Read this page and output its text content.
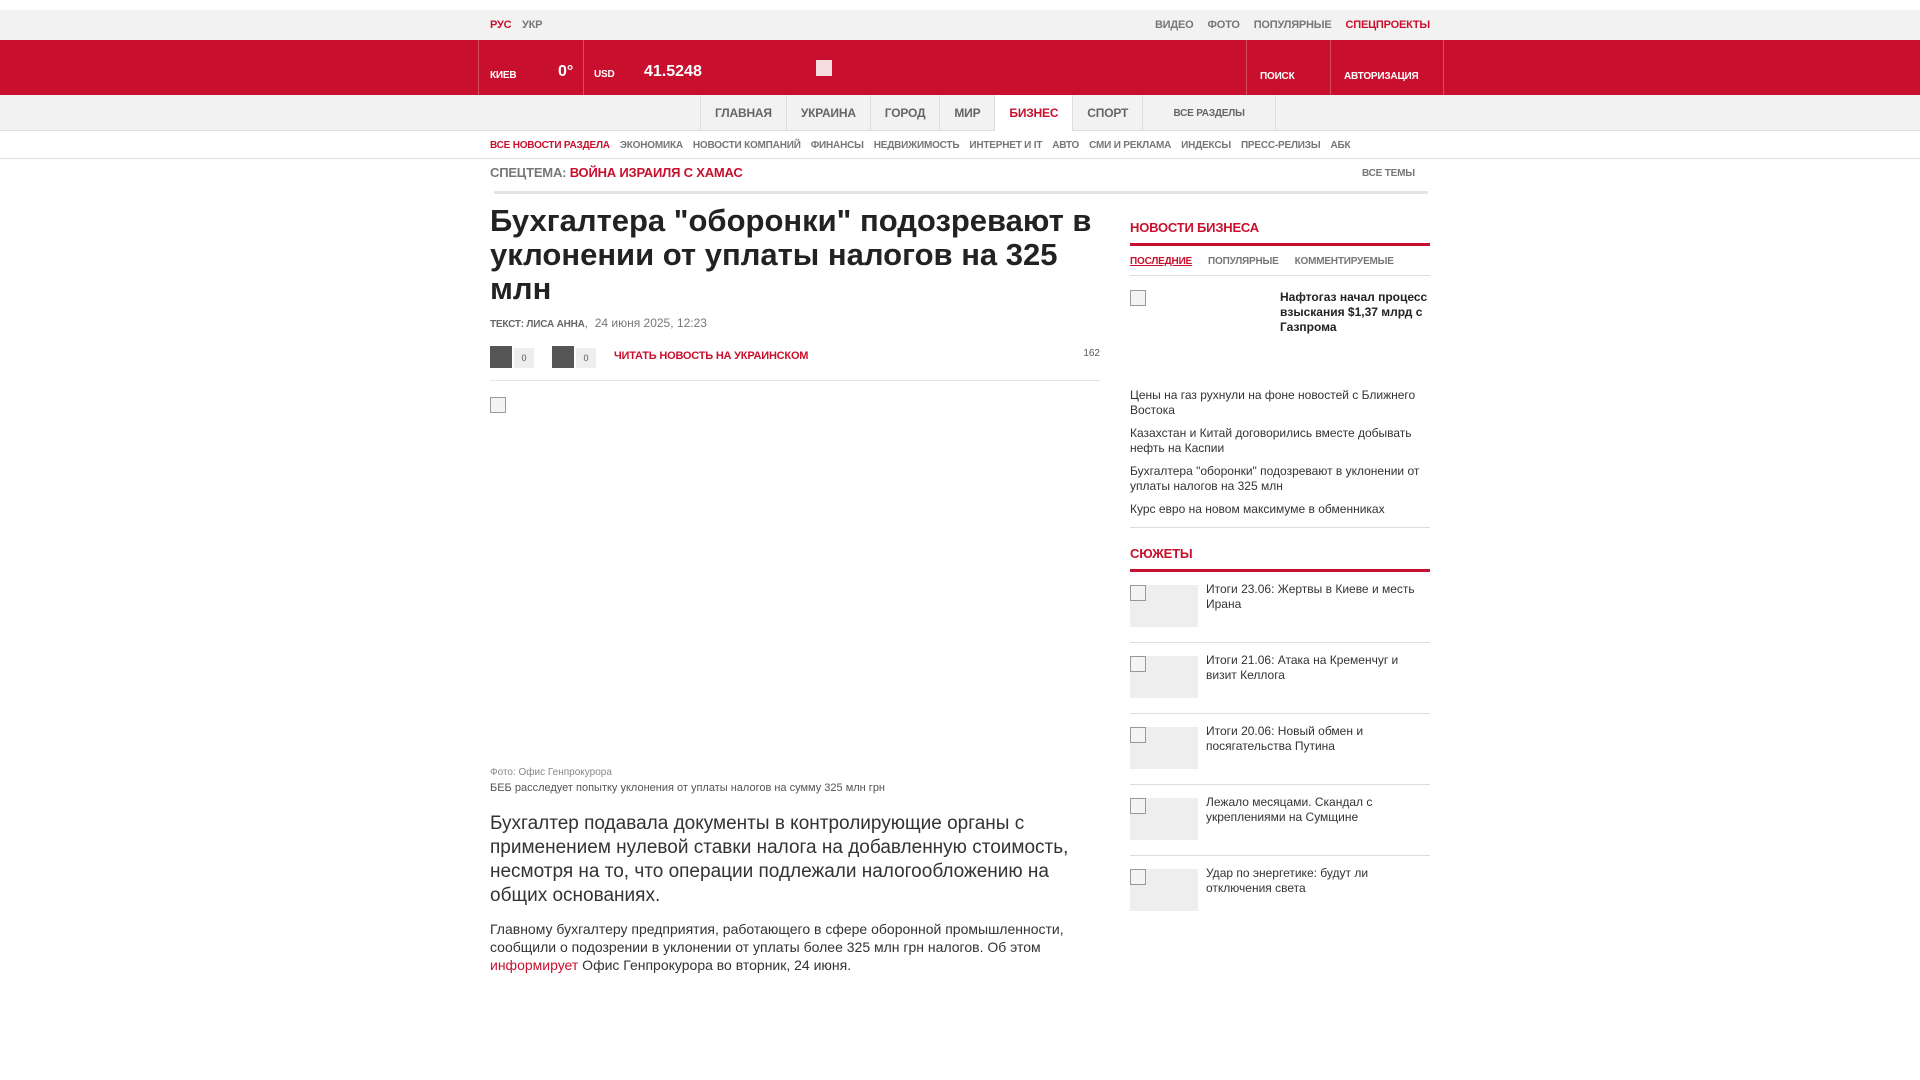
РУС УКР	ВИДЕО ФОТО ПОПУЛЯРНЫЕ СПЕЦПРОЕКТЫ
КИЕВ	0° USD 41.5248	ПОИСК	АВТОРИЗАЦИЯ
ГЛАВНАЯ	УКРАИНА	ГОРОД	МИР	БИЗНЕС	СПОРТ	ВСЕ РАЗДЕЛЫ
ВСЕ НОВОСТИ РАЗДЕЛА ЭКОНОМИКА НОВОСТИ КОМПАНИЙ ФИНАНСЫ НЕДВИЖИМОСТЬ ИНТЕРНЕТ И IT АВТО СМИ И РЕКЛАМА ИНДЕКСЫ ПРЕСС-РЕЛИЗЫ АБК
СПЕЦТЕМА: ВОЙНА ИЗРАИЛЯ С ХАМАС	ВСЕ ТЕМЫ
Бухгалтера "оборонки" подозревают в уклонении от уплаты налогов на 325 млн
ТЕКСТ: ЛИСА АННА, 24 июня 2025, 12:23
0	0	ЧИТАТЬ НОВОСТЬ НА УКРАИНСКОМ	162
Фото: Офис Генпрокурора
БЕБ расследует попытку уклонения от уплаты налогов на сумму 325 млн грн

Бухгалтер подавала документы в контролирующие органы с применением нулевой ставки налога на добавленную стоимость, несмотря на то, что операции подлежали налогообложению на общих основаниях.

Главному бухгалтеру предприятия, работающего в сфере оборонной промышленности, сообщили о подозрении в уклонении от уплаты более 325 млн грн налогов. Об этом информирует Офис Генпрокурора во вторник, 24 июня.

НОВОСТИ БИЗНЕСА
ПОСЛЕДНИЕ ПОПУЛЯРНЫЕ КОММЕНТИРУЕМЫЕ
Нафтогаз начал процесс взыскания $1,37 млрд с Газпрома
Цены на газ рухнули на фоне новостей с Ближнего Востока
Казахстан и Китай договорились вместе добывать нефть на Каспии
Бухгалтера "оборонки" подозревают в уклонении от уплаты налогов на 325 млн
Курс евро на новом максимуме в обменниках
СЮЖЕТЫ
Итоги 23.06: Жертвы в Киеве и месть Ирана
Итоги 21.06: Атака на Кременчуг и визит Келлога
Итоги 20.06: Новый обмен и посягательства Путина
Лежало месяцами. Скандал с укреплениями на Сумщине
Удар по энергетике: будут ли отключения света
